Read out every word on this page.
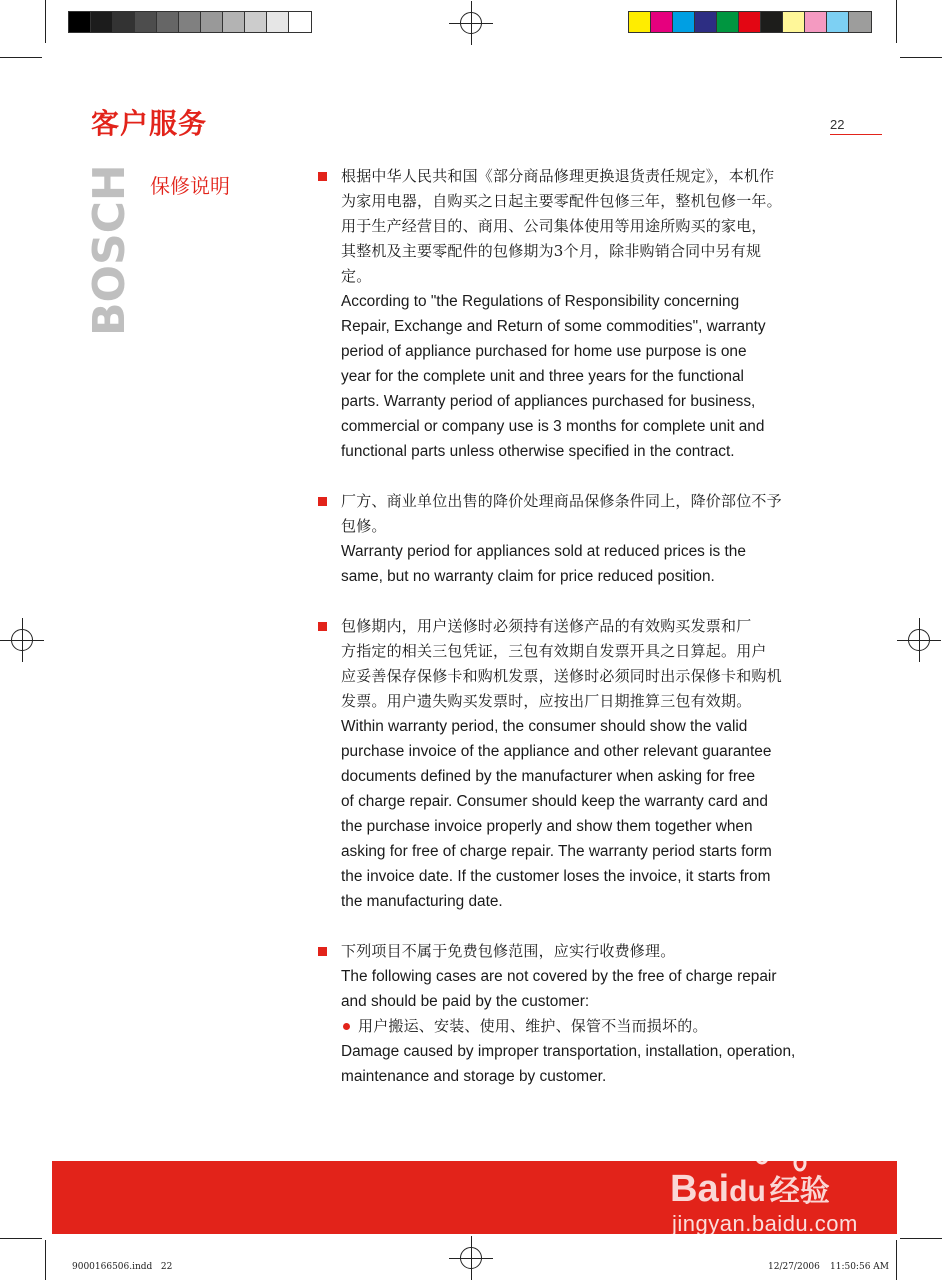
客户服务	22
BOSCH 保修说明	根据中华人民共和国《部分商品修理更换退货责任规定》，本机作

为家用电器，自购买之日起主要零配件包修三年，整机包修一年。

用于生产经营目的、商用、公司集体使用等用途所购买的家电，

其整机及主要零配件的包修期为3个月，除非购销合同中另有规

定。

According to "the Regulations of Responsibility concerning

Repair, Exchange and Return of some commodities", warranty

period of appliance purchased for home use purpose is one

year for the complete unit and three years for the functional

parts. Warranty period of appliances purchased for business,

commercial or company use is 3 months for complete unit and

functional parts unless otherwise specified in the contract.

厂方、商业单位出售的降价处理商品保修条件同上，降价部位不予

包修。

Warranty period for appliances sold at reduced prices is the

same, but no warranty claim for price reduced position.

包修期内，用户送修时必须持有送修产品的有效购买发票和厂

方指定的相关三包凭证，三包有效期自发票开具之日算起。用户

应妥善保存保修卡和购机发票，送修时必须同时出示保修卡和购机

发票。用户遗失购买发票时，应按出厂日期推算三包有效期。

Within warranty period, the consumer should show the valid

purchase invoice of the appliance and other relevant guarantee

documents defined by the manufacturer when asking for free

of charge repair. Consumer should keep the warranty card and

the purchase invoice properly and show them together when

asking for free of charge repair. The warranty period starts form

the invoice date. If the customer loses the invoice, it starts from

the manufacturing date.

下列项目不属于免费包修范围，应实行收费修理。

The following cases are not covered by the free of charge repair

and should be paid by the customer:

用户搬运、安装、使用、维护、保管不当而损坏的。

Damage caused by improper transportation, installation, operation,

maintenance and storage by customer.

Baidu 经验
jingyan.baidu.com
9000166506.indd   22	12/27/2006 11:50:56 AM
